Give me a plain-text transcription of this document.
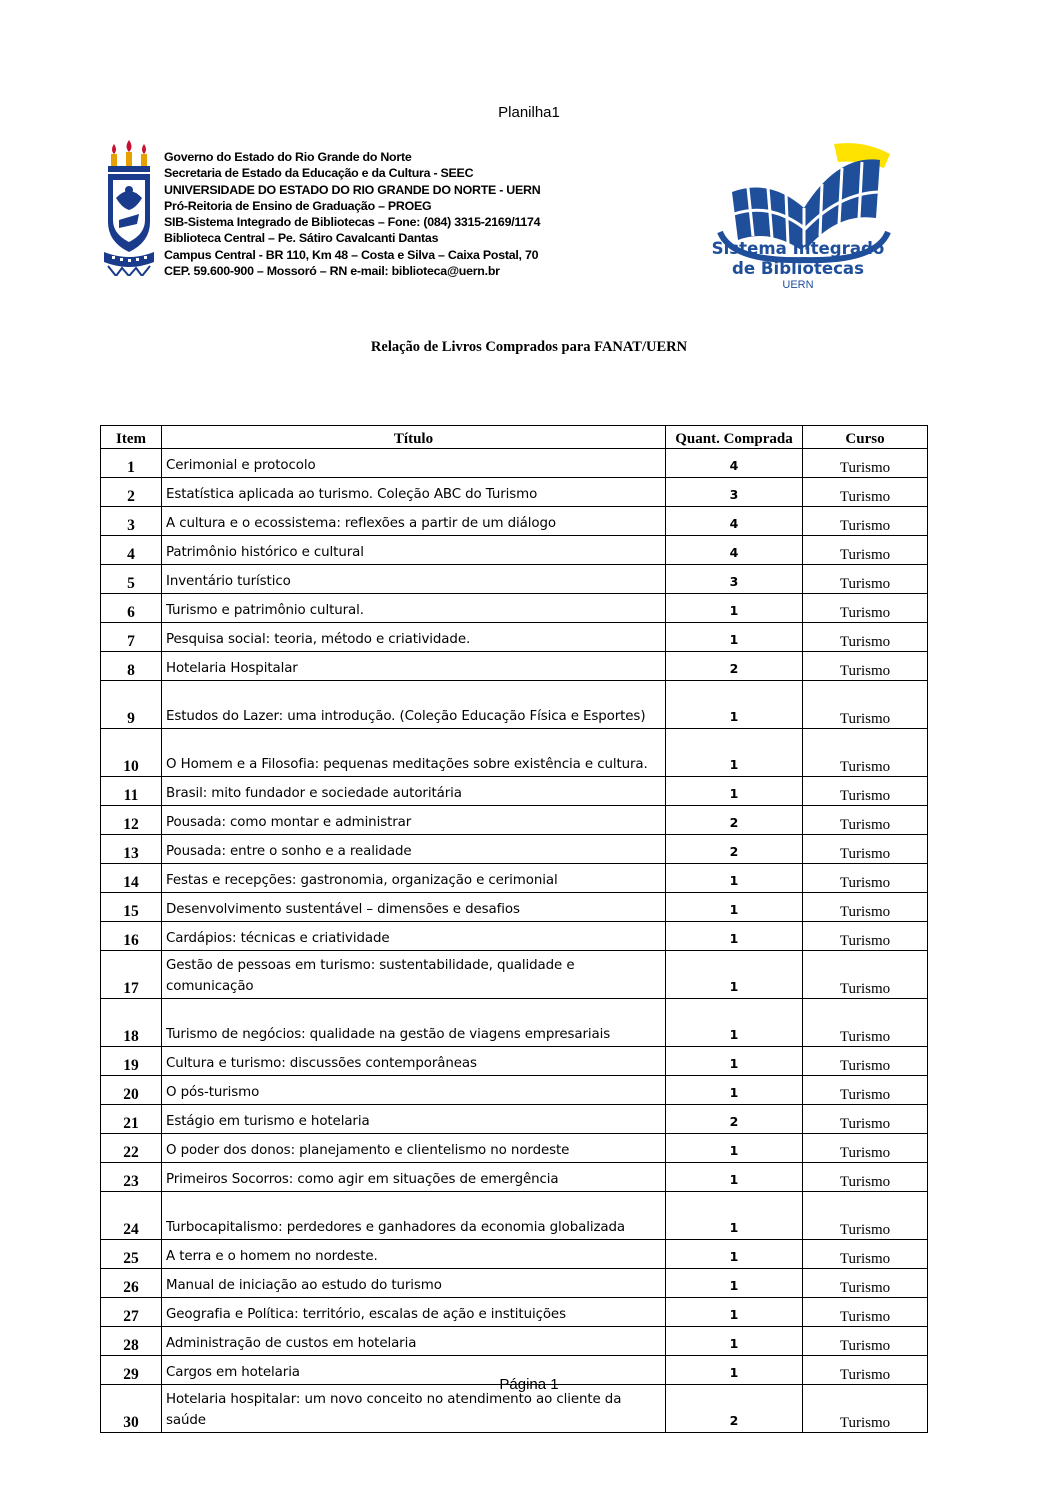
Planilha1
Governo do Estado do Rio Grande do Norte
Secretaria de Estado da Educação e da Cultura - SEEC
UNIVERSIDADE DO ESTADO DO RIO GRANDE DO NORTE - UERN
Pró-Reitoria de Ensino de Graduação – PROEG
SIB-Sistema Integrado de Bibliotecas – Fone: (084) 3315-2169/1174
Biblioteca Central – Pe. Sátiro Cavalcanti Dantas
Campus Central - BR 110, Km 48 – Costa e Silva – Caixa Postal, 70
CEP. 59.600-900 – Mossoró – RN e-mail: biblioteca@uern.br
Sistema Integrado
de Bibliotecas
UERN
Relação de Livros Comprados para FANAT/UERN
Item	Título	Quant. Comprada	Curso
1	Cerimonial e protocolo	4	Turismo
2	Estatística aplicada ao turismo. Coleção ABC do Turismo	3	Turismo
3	A cultura e o ecossistema: reflexões a partir de um diálogo	4	Turismo
4	Patrimônio histórico e cultural	4	Turismo
5	Inventário turístico	3	Turismo
6	Turismo e patrimônio cultural.	1	Turismo
7	Pesquisa social: teoria, método e criatividade.	1	Turismo
8	Hotelaria Hospitalar	2	Turismo
9	Estudos do Lazer: uma introdução. (Coleção Educação Física e Esportes)	1	Turismo
10	O Homem e a Filosofia: pequenas meditações sobre existência e cultura.	1	Turismo
11	Brasil: mito fundador e sociedade autoritária	1	Turismo
12	Pousada: como montar e administrar	2	Turismo
13	Pousada: entre o sonho e a realidade	2	Turismo
14	Festas e recepções: gastronomia, organização e cerimonial	1	Turismo
15	Desenvolvimento sustentável – dimensões e desafios	1	Turismo
16	Cardápios: técnicas e criatividade	1	Turismo
17	Gestão de pessoas em turismo: sustentabilidade, qualidade e comunicação	1	Turismo
18	Turismo de negócios: qualidade na gestão de viagens empresariais	1	Turismo
19	Cultura e turismo: discussões contemporâneas	1	Turismo
20	O pós-turismo	1	Turismo
21	Estágio em turismo e hotelaria	2	Turismo
22	O poder dos donos: planejamento e clientelismo no nordeste	1	Turismo
23	Primeiros Socorros: como agir em situações de emergência	1	Turismo
24	Turbocapitalismo: perdedores e ganhadores da economia globalizada	1	Turismo
25	A terra e o homem no nordeste.	1	Turismo
26	Manual de iniciação ao estudo do turismo	1	Turismo
27	Geografia e Política: território, escalas de ação e instituições	1	Turismo
28	Administração de custos em hotelaria	1	Turismo
29	Cargos em hotelaria	1	Turismo
30	Hotelaria hospitalar: um novo conceito no atendimento ao cliente da saúde	2	Turismo
Página 1
